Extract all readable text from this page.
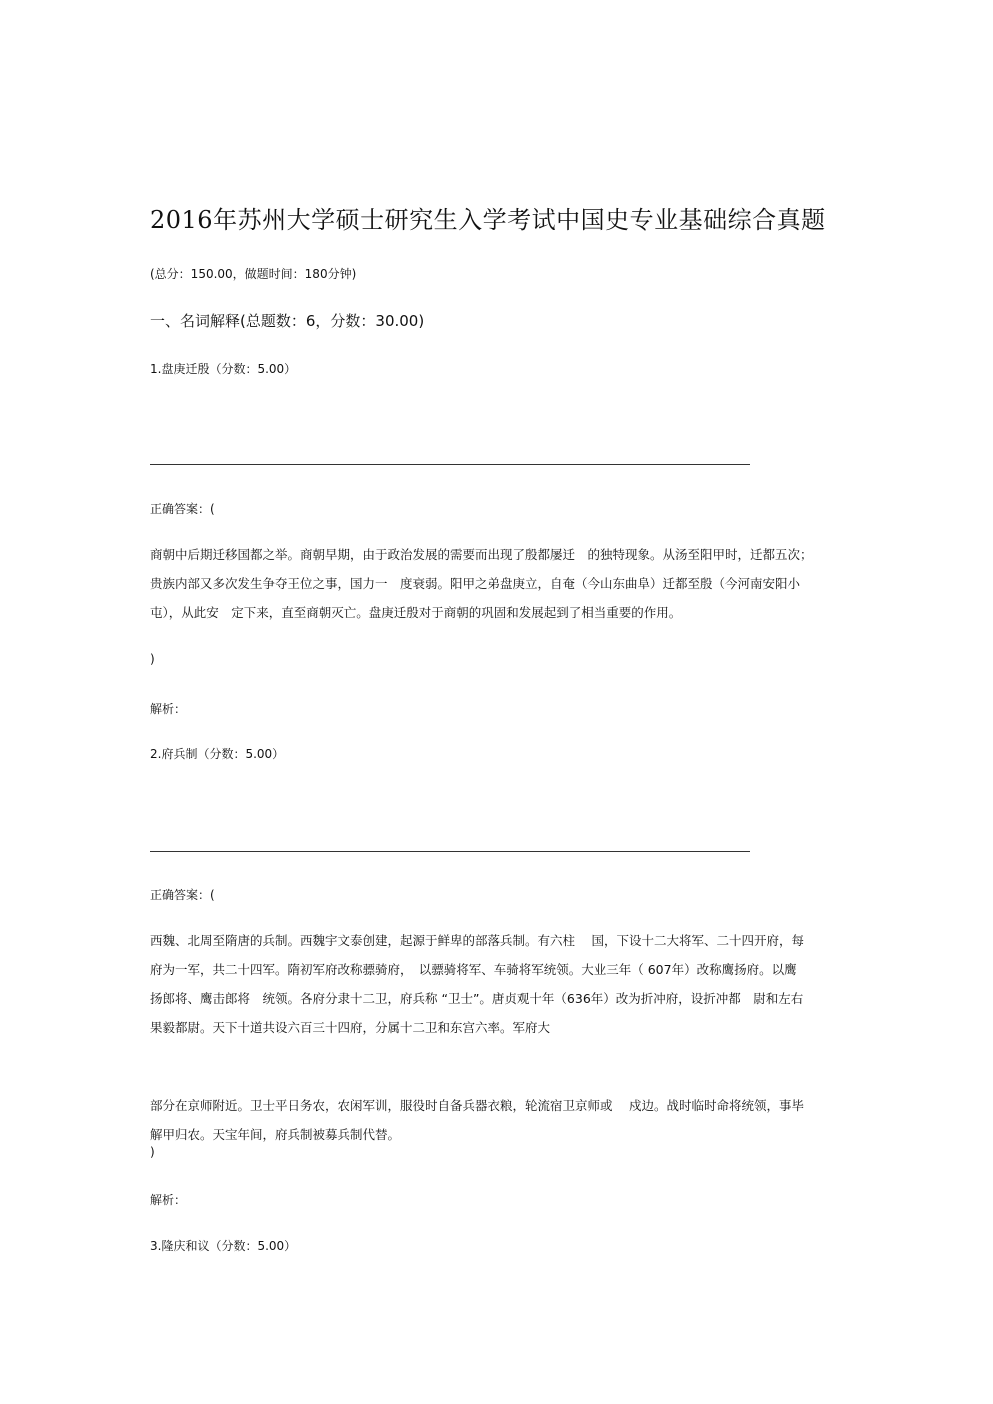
2016年苏州大学硕士研究生入学考试中国史专业基础综合真题
(总分：150.00，做题时间：180分钟)
一、名词解释(总题数：6，分数：30.00)
1.盘庚迁殷（分数：5.00）
正确答案：(
商朝中后期迁移国都之举。商朝早期，由于政治发展的需要而出现了殷都屡迁　的独特现象。从汤至阳甲时，迁都五次；
贵族内部又多次发生争夺王位之事，国力一　度衰弱。阳甲之弟盘庚立，自奄（今山东曲阜）迁都至殷（今河南安阳小
屯），从此安　定下来，直至商朝灭亡。盘庚迁殷对于商朝的巩固和发展起到了相当重要的作用。
)
解析：
2.府兵制（分数：5.00）
正确答案：(
西魏、北周至隋唐的兵制。西魏宇文泰创建，起源于鲜卑的部落兵制。有六柱　 国，下设十二大将军、二十四开府，每
府为一军，共二十四军。隋初军府改称骠骑府，　以骠骑将军、车骑将军统领。大业三年（ 607年）改称鹰扬府。以鹰
扬郎将、鹰击郎将　统领。各府分隶十二卫，府兵称 “卫士”。唐贞观十年（636年）改为折冲府，设折冲都　尉和左右
果毅都尉。天下十道共设六百三十四府，分属十二卫和东宫六率。军府大
部分在京师附近。卫士平日务农，农闲军训，服役时自备兵器衣粮，轮流宿卫京师或　 戍边。战时临时命将统领，事毕
解甲归农。天宝年间，府兵制被募兵制代替。
)
解析：
3.隆庆和议（分数：5.00）
